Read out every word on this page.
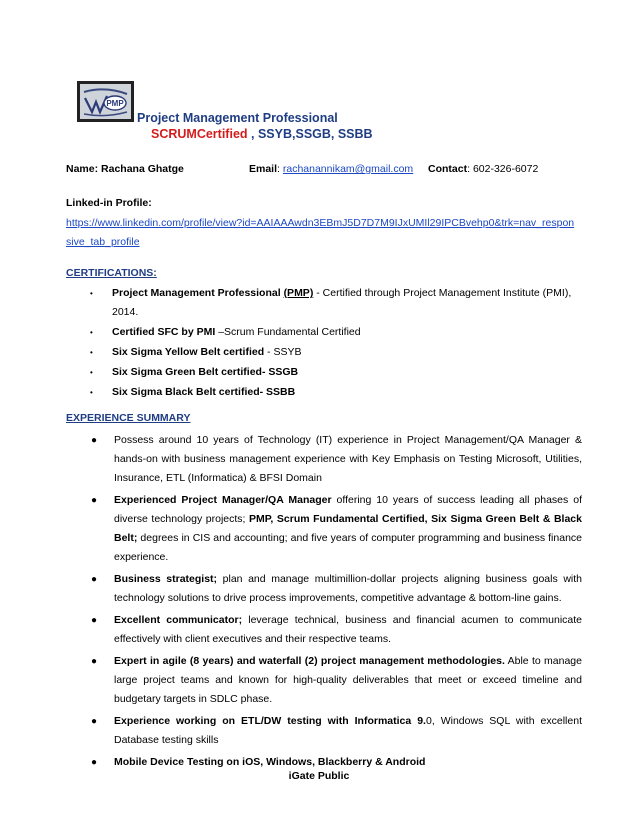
PMP
Project Management Professional
SCRUMCertified , SSYB,SSGB, SSBB
Name: Rachana Ghatge	Email: rachanannikam@gmail.com Contact: 602-326-6072
Linked-in Profile:
https://www.linkedin.com/profile/view?id=AAIAAAwdn3EBmJ5D7D7M9IJxUMIl29IPCBvehp0&trk=nav_responsive_tab_profile
CERTIFICATIONS:
• Project Management Professional (PMP) - Certified through Project Management Institute (PMI), 2014.
• Certified SFC by PMI –Scrum Fundamental Certified
• Six Sigma Yellow Belt certified - SSYB
• Six Sigma Green Belt certified- SSGB
• Six Sigma Black Belt certified- SSBB
EXPERIENCE SUMMARY
● Possess around 10 years of Technology (IT) experience in Project Management/QA Manager & hands-on with business management experience with Key Emphasis on Testing Microsoft, Utilities, Insurance, ETL (Informatica) & BFSI Domain
● Experienced Project Manager/QA Manager offering 10 years of success leading all phases of diverse technology projects; PMP, Scrum Fundamental Certified, Six Sigma Green Belt & Black Belt; degrees in CIS and accounting; and five years of computer programming and business finance experience.
● Business strategist; plan and manage multimillion-dollar projects aligning business goals with technology solutions to drive process improvements, competitive advantage & bottom-line gains.
● Excellent communicator; leverage technical, business and financial acumen to communicate effectively with client executives and their respective teams.
● Expert in agile (8 years) and waterfall (2) project management methodologies. Able to manage large project teams and known for high-quality deliverables that meet or exceed timeline and budgetary targets in SDLC phase.
● Experience working on ETL/DW testing with Informatica 9.0, Windows SQL with excellent Database testing skills
● Mobile Device Testing on iOS, Windows, Blackberry & Android
iGate Public
